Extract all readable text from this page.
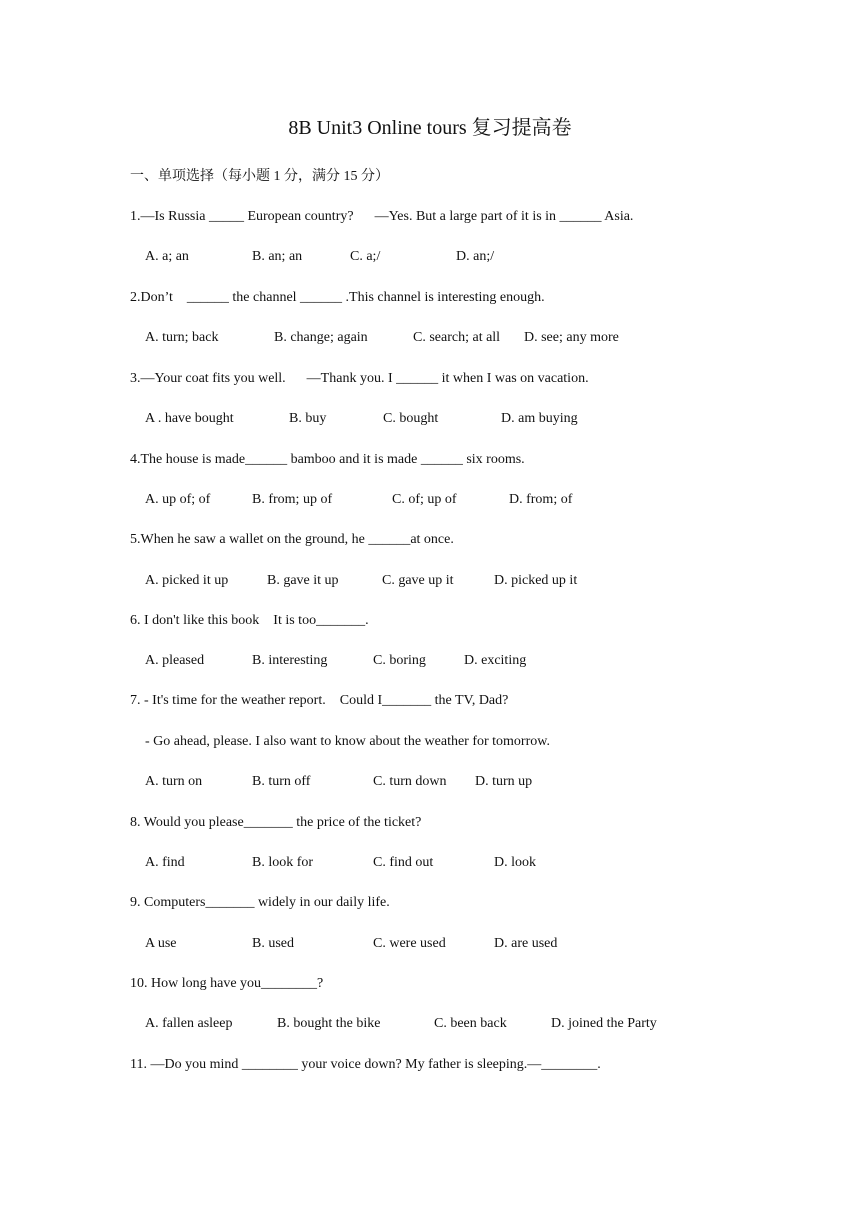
8B Unit3 Online tours 复习提高卷
一、单项选择（每小题 1 分，满分 15 分）
1.—Is Russia _____ European country?      —Yes. But a large part of it is in ______ Asia.
A. a; an	B. an; an	C. a;/	D. an;/
2.Don’t    ______ the channel ______ .This channel is interesting enough.
A. turn; back	B. change; again	C. search; at all D. see; any more
3.—Your coat fits you well.      —Thank you. I ______ it when I was on vacation.
A . have bought	B. buy	C. bought	D. am buying
4.The house is made______ bamboo and it is made ______ six rooms.
A. up of; of	B. from; up of	C. of; up of	D. from; of
5.When he saw a wallet on the ground, he ______at once.
A. picked it up	B. gave it up	C. gave up it	D. picked up it
6. I don't like this book    It is too_______.
A. pleased	B. interesting	C. boring	D. exciting
7. - It's time for the weather report.    Could I_______ the TV, Dad?
- Go ahead, please. I also want to know about the weather for tomorrow.
A. turn on	B. turn off	C. turn down D. turn up
8. Would you please_______ the price of the ticket?
A. find	B. look for	C. find out	D. look
9. Computers_______ widely in our daily life.
A use	B. used	C. were used	D. are used
10. How long have you________?
A. fallen asleep	B. bought the bike	C. been back	D. joined the Party
11. —Do you mind ________ your voice down? My father is sleeping.—________.
